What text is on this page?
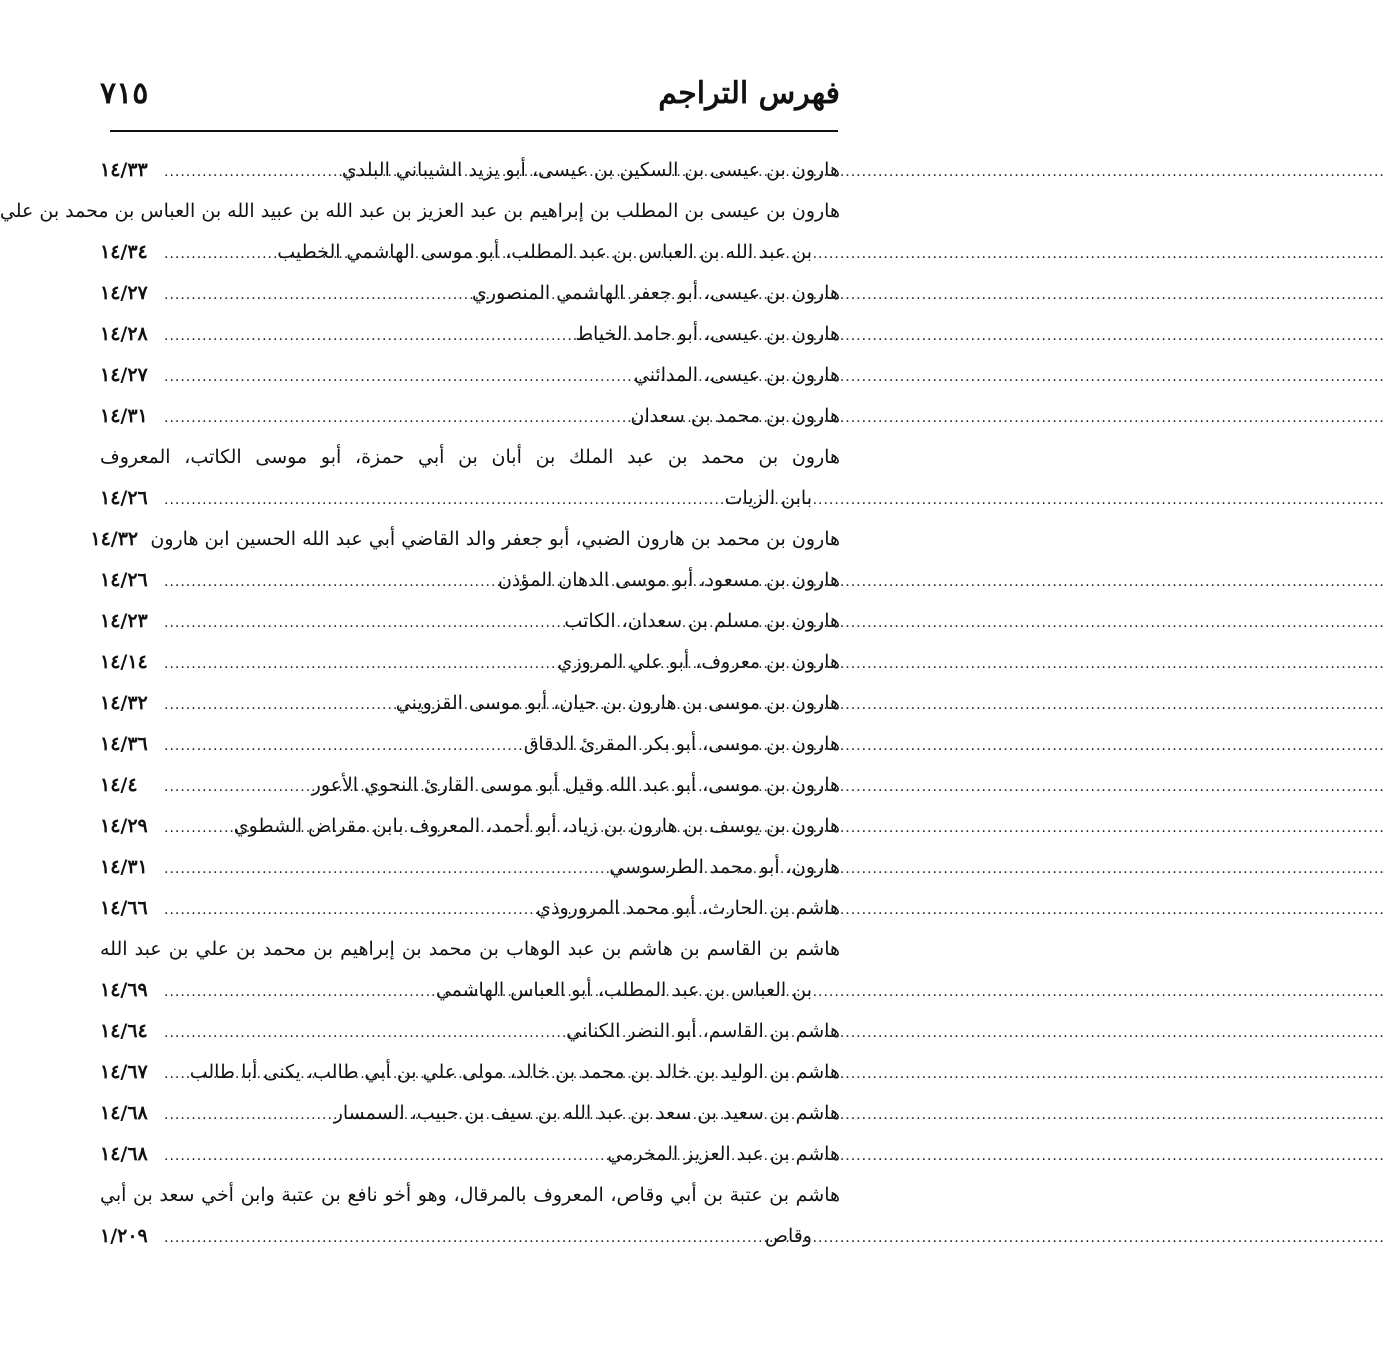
فهرس التراجم
٧١٥
هارون بن عيسى بن السكين بن عيسى، أبو يزيد الشيباني البلدي
.....
١٤/٣٣
هارون بن عيسى بن المطلب بن إبراهيم بن عبد العزيز بن عبد الله بن عبيد الله بن العباس بن محمد بن علي
بن عبد الله بن العباس بن عبد المطلب، أبو موسى الهاشمي الخطيب
.....
١٤/٣٤
هارون بن عيسى، أبو جعفر الهاشمي المنصوري
.....
١٤/٢٧
هارون بن عيسى، أبو حامد الخياط
.....
١٤/٢٨
هارون بن عيسى، المدائني
.....
١٤/٢٧
هارون بن محمد بن سعدان
.....
١٤/٣١
هارون بن محمد بن عبد الملك بن أبان بن أبي حمزة، أبو موسى الكاتب، المعروف
بابن الزيات
.....
١٤/٢٦
هارون بن محمد بن هارون الضبي، أبو جعفر والد القاضي أبي عبد الله الحسين ابن هارون
١٤/٣٢
هارون بن مسعود، أبو موسى الدهان المؤذن
.....
١٤/٢٦
هارون بن مسلم بن سعدان، الكاتب
.....
١٤/٢٣
هارون بن معروف، أبو علي المروزي
.....
١٤/١٤
هارون بن موسى بن هارون بن حيان، أبو موسى القزويني
.....
١٤/٣٢
هارون بن موسى، أبو بكر المقرئ الدقاق
.....
١٤/٣٦
هارون بن موسى، أبو عبد الله وقيل أبو موسى القارئ النحوي الأعور
.....
١٤/٤
هارون بن يوسف بن هارون بن زياد، أبو أحمد، المعروف بابن مقراض الشطوي
.....
١٤/٢٩
هارون، أبو محمد الطرسوسي
.....
١٤/٣١
هاشم بن الحارث، أبو محمد المروروذي
.....
١٤/٦٦
هاشم بن القاسم بن هاشم بن عبد الوهاب بن محمد بن إبراهيم بن محمد بن علي بن عبد الله
بن العباس بن عبد المطلب، أبو العباس الهاشمي
.....
١٤/٦٩
هاشم بن القاسم، أبو النضر الكناني
.....
١٤/٦٤
هاشم بن الوليد بن خالد بن محمد بن خالد، مولى علي بن أبي طالب، يكنى أبا طالب
.....
١٤/٦٧
هاشم بن سعيد بن سعد بن عبد الله بن سيف بن حبيب، السمسار
.....
١٤/٦٨
هاشم بن عبد العزيز المخرمي
.....
١٤/٦٨
هاشم بن عتبة بن أبي وقاص، المعروف بالمرقال، وهو أخو نافع بن عتبة وابن أخي سعد بن أبي
وقاص
.....
١/٢٠٩
